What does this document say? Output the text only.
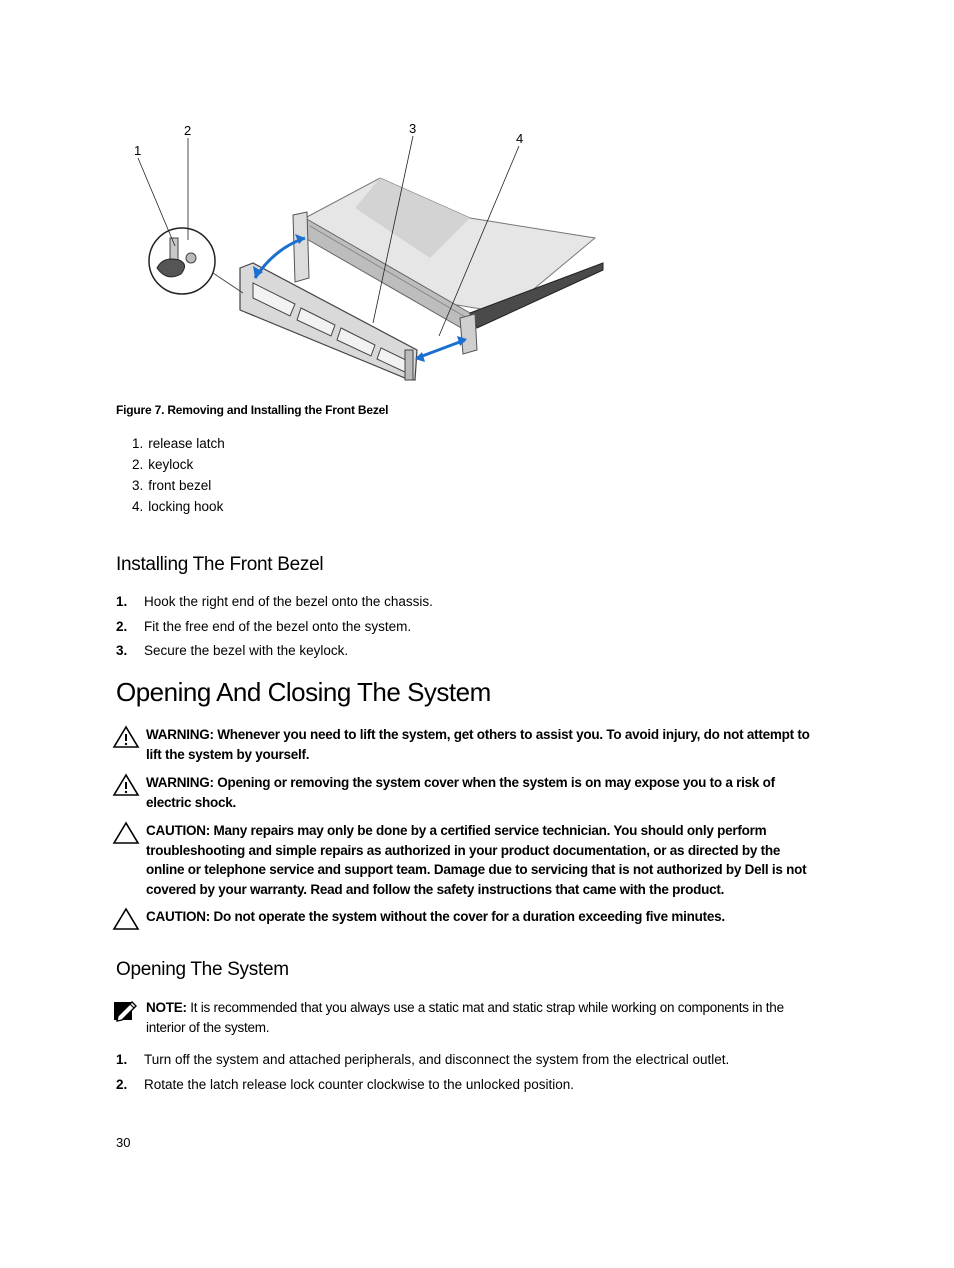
1
2	3
4
Figure 7. Removing and Installing the Front Bezel
1. release latch
2. keylock
3. front bezel
4. locking hook
Installing The Front Bezel
1. Hook the right end of the bezel onto the chassis.
2. Fit the free end of the bezel onto the system.
3. Secure the bezel with the keylock.
Opening And Closing The System
WARNING: Whenever you need to lift the system, get others to assist you. To avoid injury, do not attempt to lift the system by yourself.
WARNING: Opening or removing the system cover when the system is on may expose you to a risk of electric shock.
CAUTION: Many repairs may only be done by a certified service technician. You should only perform troubleshooting and simple repairs as authorized in your product documentation, or as directed by the online or telephone service and support team. Damage due to servicing that is not authorized by Dell is not covered by your warranty. Read and follow the safety instructions that came with the product.
CAUTION: Do not operate the system without the cover for a duration exceeding five minutes.
Opening The System
NOTE: It is recommended that you always use a static mat and static strap while working on components in the interior of the system.
1. Turn off the system and attached peripherals, and disconnect the system from the electrical outlet.
2. Rotate the latch release lock counter clockwise to the unlocked position.
30
